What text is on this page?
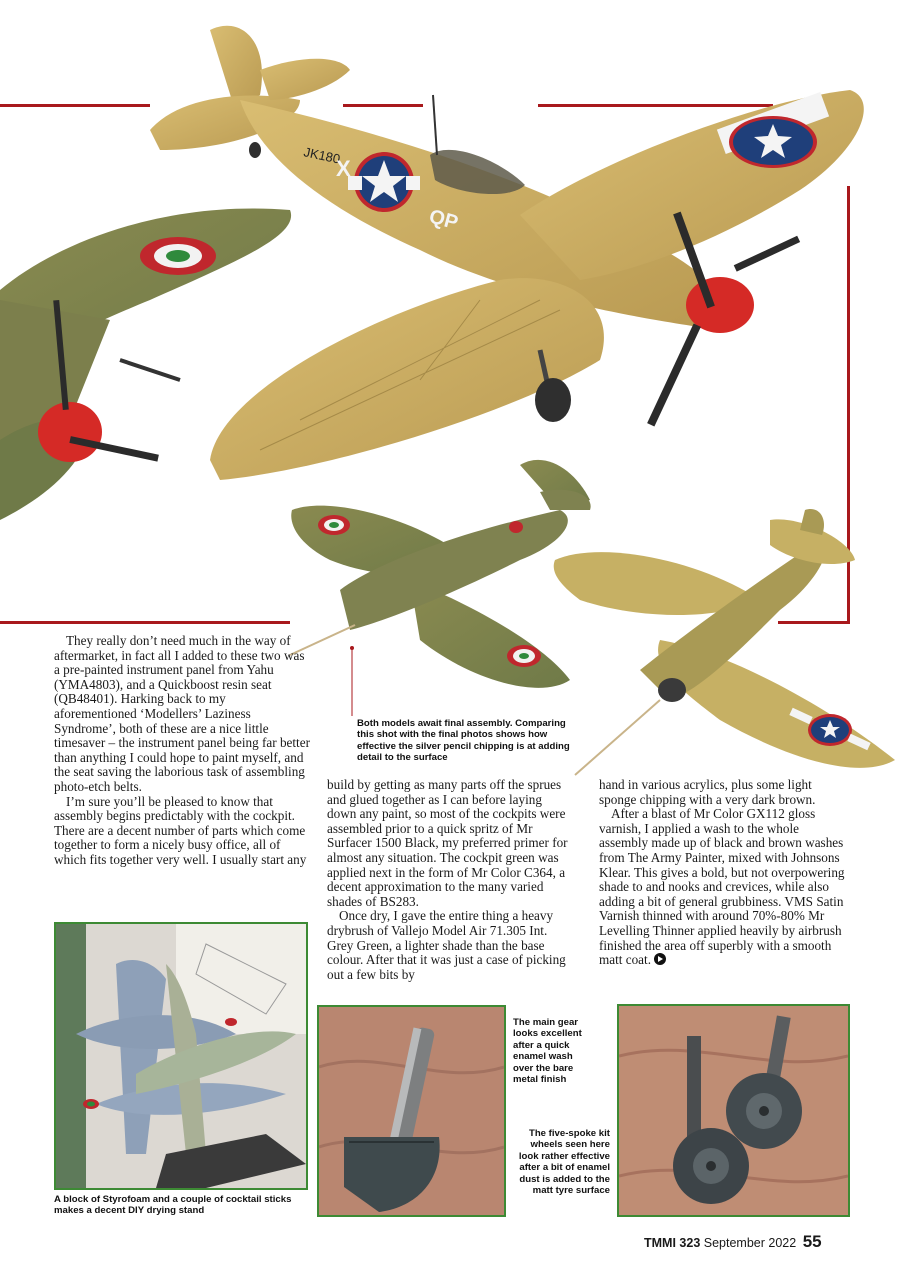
JK180
X
QP
Both models await final assembly. Comparing this shot with the final photos shows how effective the silver pencil chipping is at adding detail to the surface

They really don’t need much in the way of aftermarket, in fact all I added to these two was a pre-painted instrument panel from Yahu (YMA4803), and a Quickboost resin seat (QB48401). Harking back to my aforementioned ‘Modellers’ Laziness Syndrome’, both of these are a nice little timesaver – the instrument panel being far better than anything I could hope to paint myself, and the seat saving the laborious task of assembling photo-etch belts.

I’m sure you’ll be pleased to know that assembly begins predictably with the cockpit. There are a decent number of parts which come together to form a nicely busy office, all of which fits together very well. I usually start any

build by getting as many parts off the sprues and glued together as I can before laying down any paint, so most of the cockpits were assembled prior to a quick spritz of Mr Surfacer 1500 Black, my preferred primer for almost any situation. The cockpit green was applied next in the form of Mr Color C364, a decent approximation to the many varied shades of BS283.

Once dry, I gave the entire thing a heavy drybrush of Vallejo Model Air 71.305 Int. Grey Green, a lighter shade than the base colour. After that it was just a case of picking out a few bits by

hand in various acrylics, plus some light sponge chipping with a very dark brown.

After a blast of Mr Color GX112 gloss varnish, I applied a wash to the whole assembly made up of black and brown washes from The Army Painter, mixed with Johnsons Klear. This gives a bold, but not overpowering shade to and nooks and crevices, while also adding a bit of general grubbiness. VMS Satin Varnish thinned with around 70%-80% Mr Levelling Thinner applied heavily by airbrush finished the area off superbly with a smooth matt coat.

A block of Styrofoam and a couple of cocktail sticks makes a decent DIY drying stand
The main gear looks excellent after a quick enamel wash over the bare metal finish
The five-spoke kit wheels seen here look rather effective after a bit of enamel dust is added to the matt tyre surface
TMMI 323 September 2022 55
